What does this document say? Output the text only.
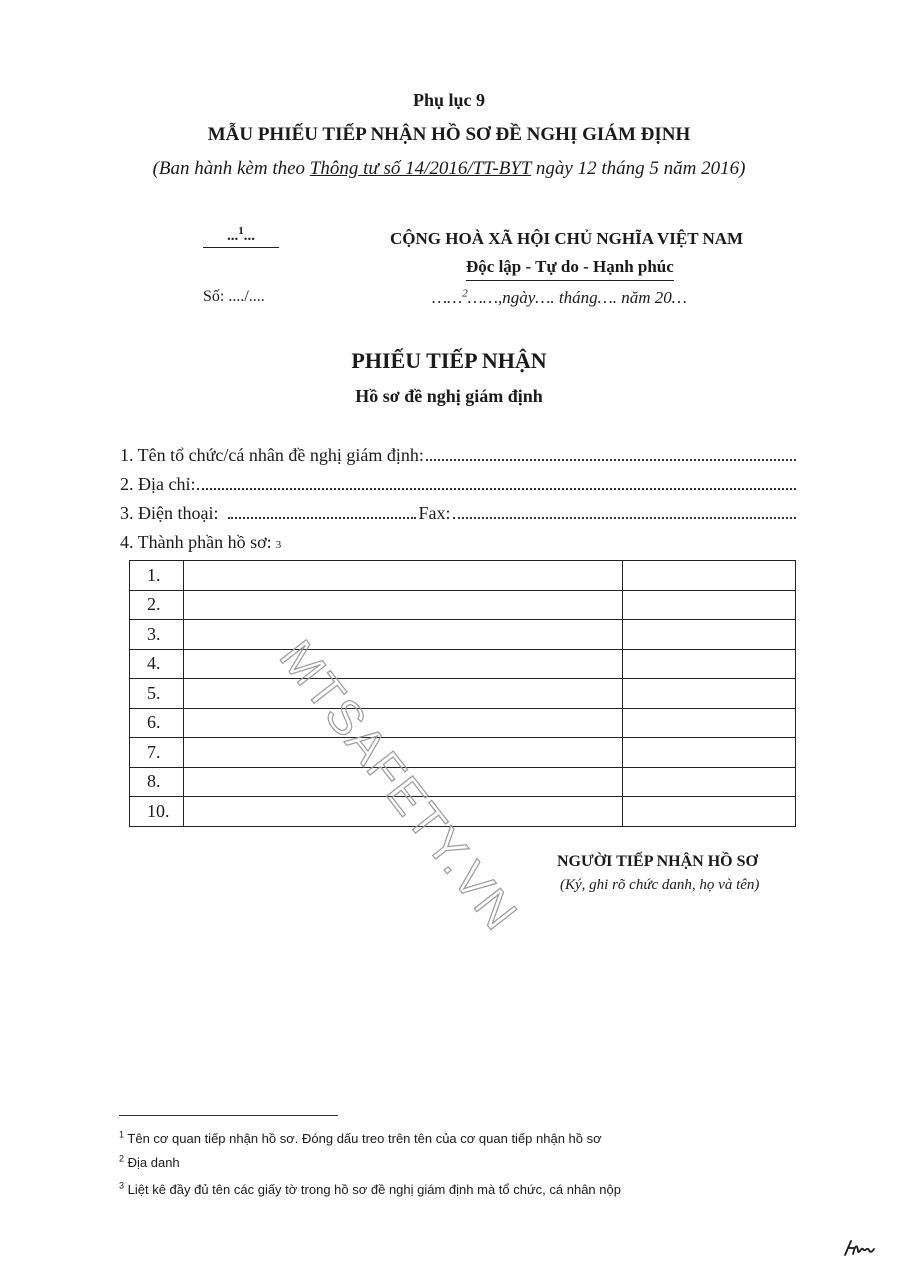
Phụ lục 9
MẪU PHIẾU TIẾP NHẬN HỒ SƠ ĐỀ NGHỊ GIÁM ĐỊNH
(Ban hành kèm theo Thông tư số 14/2016/TT-BYT ngày 12 tháng 5 năm 2016)
...$^1$...
Số: ..../....
CỘNG HOÀ XÃ HỘI CHỦ NGHĨA VIỆT NAM
Độc lập - Tự do - Hạnh phúc
……$^2$……,ngày…. tháng…. năm 20…
PHIẾU TIẾP NHẬN
Hồ sơ đề nghị giám định
1. Tên tổ chức/cá nhân đề nghị giám định:
2. Địa chỉ:
3. Điện thoại:	Fax:
4. Thành phần hồ sơ: 3
1.		
2.		
3.		
4.		
5.		
6.		
7.		
8.		
10.		
NGƯỜI TIẾP NHẬN HỒ SƠ
(Ký, ghi rõ chức danh, họ và tên)
$^1$ Tên cơ quan tiếp nhận hồ sơ. Đóng dấu treo trên tên của cơ quan tiếp nhận hồ sơ
$^2$ Địa danh
$^3$ Liệt kê đầy đủ tên các giấy tờ trong hồ sơ đề nghị giám định mà tổ chức, cá nhân nộp
MTSAFETY.VN
